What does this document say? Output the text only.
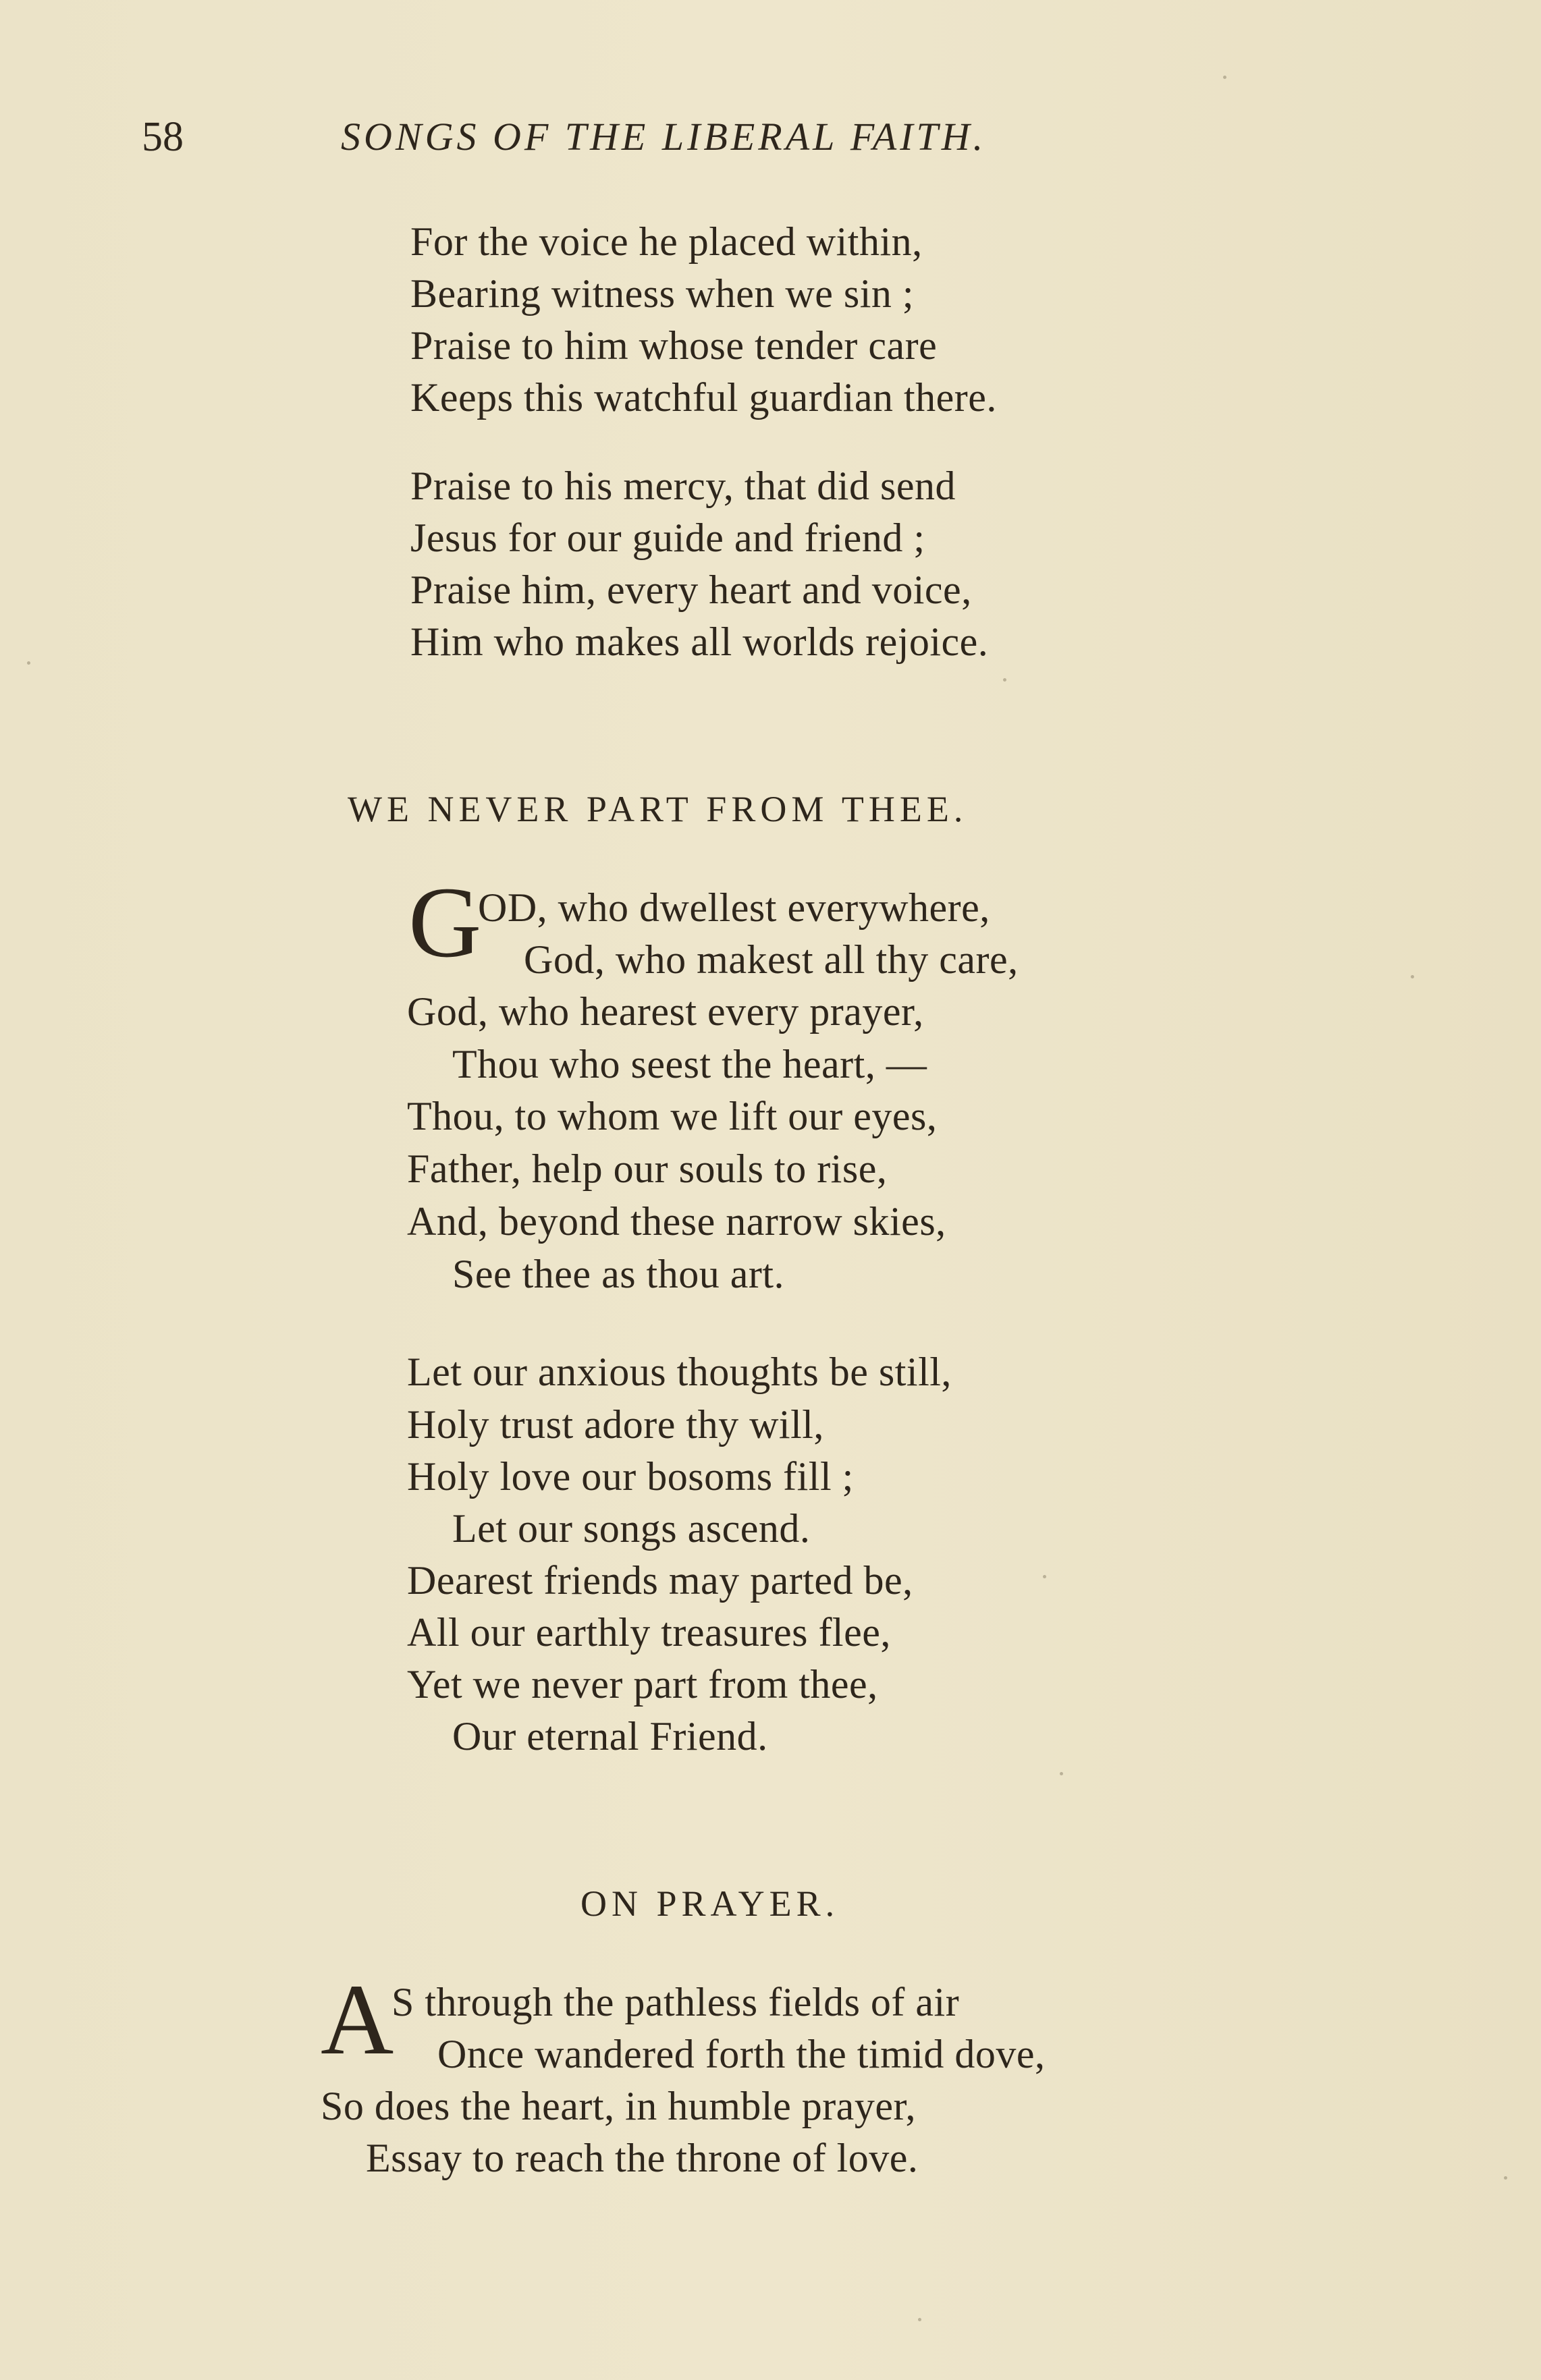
58	SONGS OF THE LIBERAL FAITH.
For the voice he placed within,
Bearing witness when we sin ;
Praise to him whose tender care
Keeps this watchful guardian there.
Praise to his mercy, that did send
Jesus for our guide and friend ;
Praise him, every heart and voice,
Him who makes all worlds rejoice.
WE NEVER PART FROM THEE.
G
OD, who dwellest everywhere,
God, who makest all thy care,
God, who hearest every prayer,
Thou who seest the heart, —
Thou, to whom we lift our eyes,
Father, help our souls to rise,
And, beyond these narrow skies,
See thee as thou art.
Let our anxious thoughts be still,
Holy trust adore thy will,
Holy love our bosoms fill ;
Let our songs ascend.
Dearest friends may parted be,
All our earthly treasures flee,
Yet we never part from thee,
Our eternal Friend.
ON PRAYER.
A
S through the pathless fields of air
Once wandered forth the timid dove,
So does the heart, in humble prayer,
Essay to reach the throne of love.
